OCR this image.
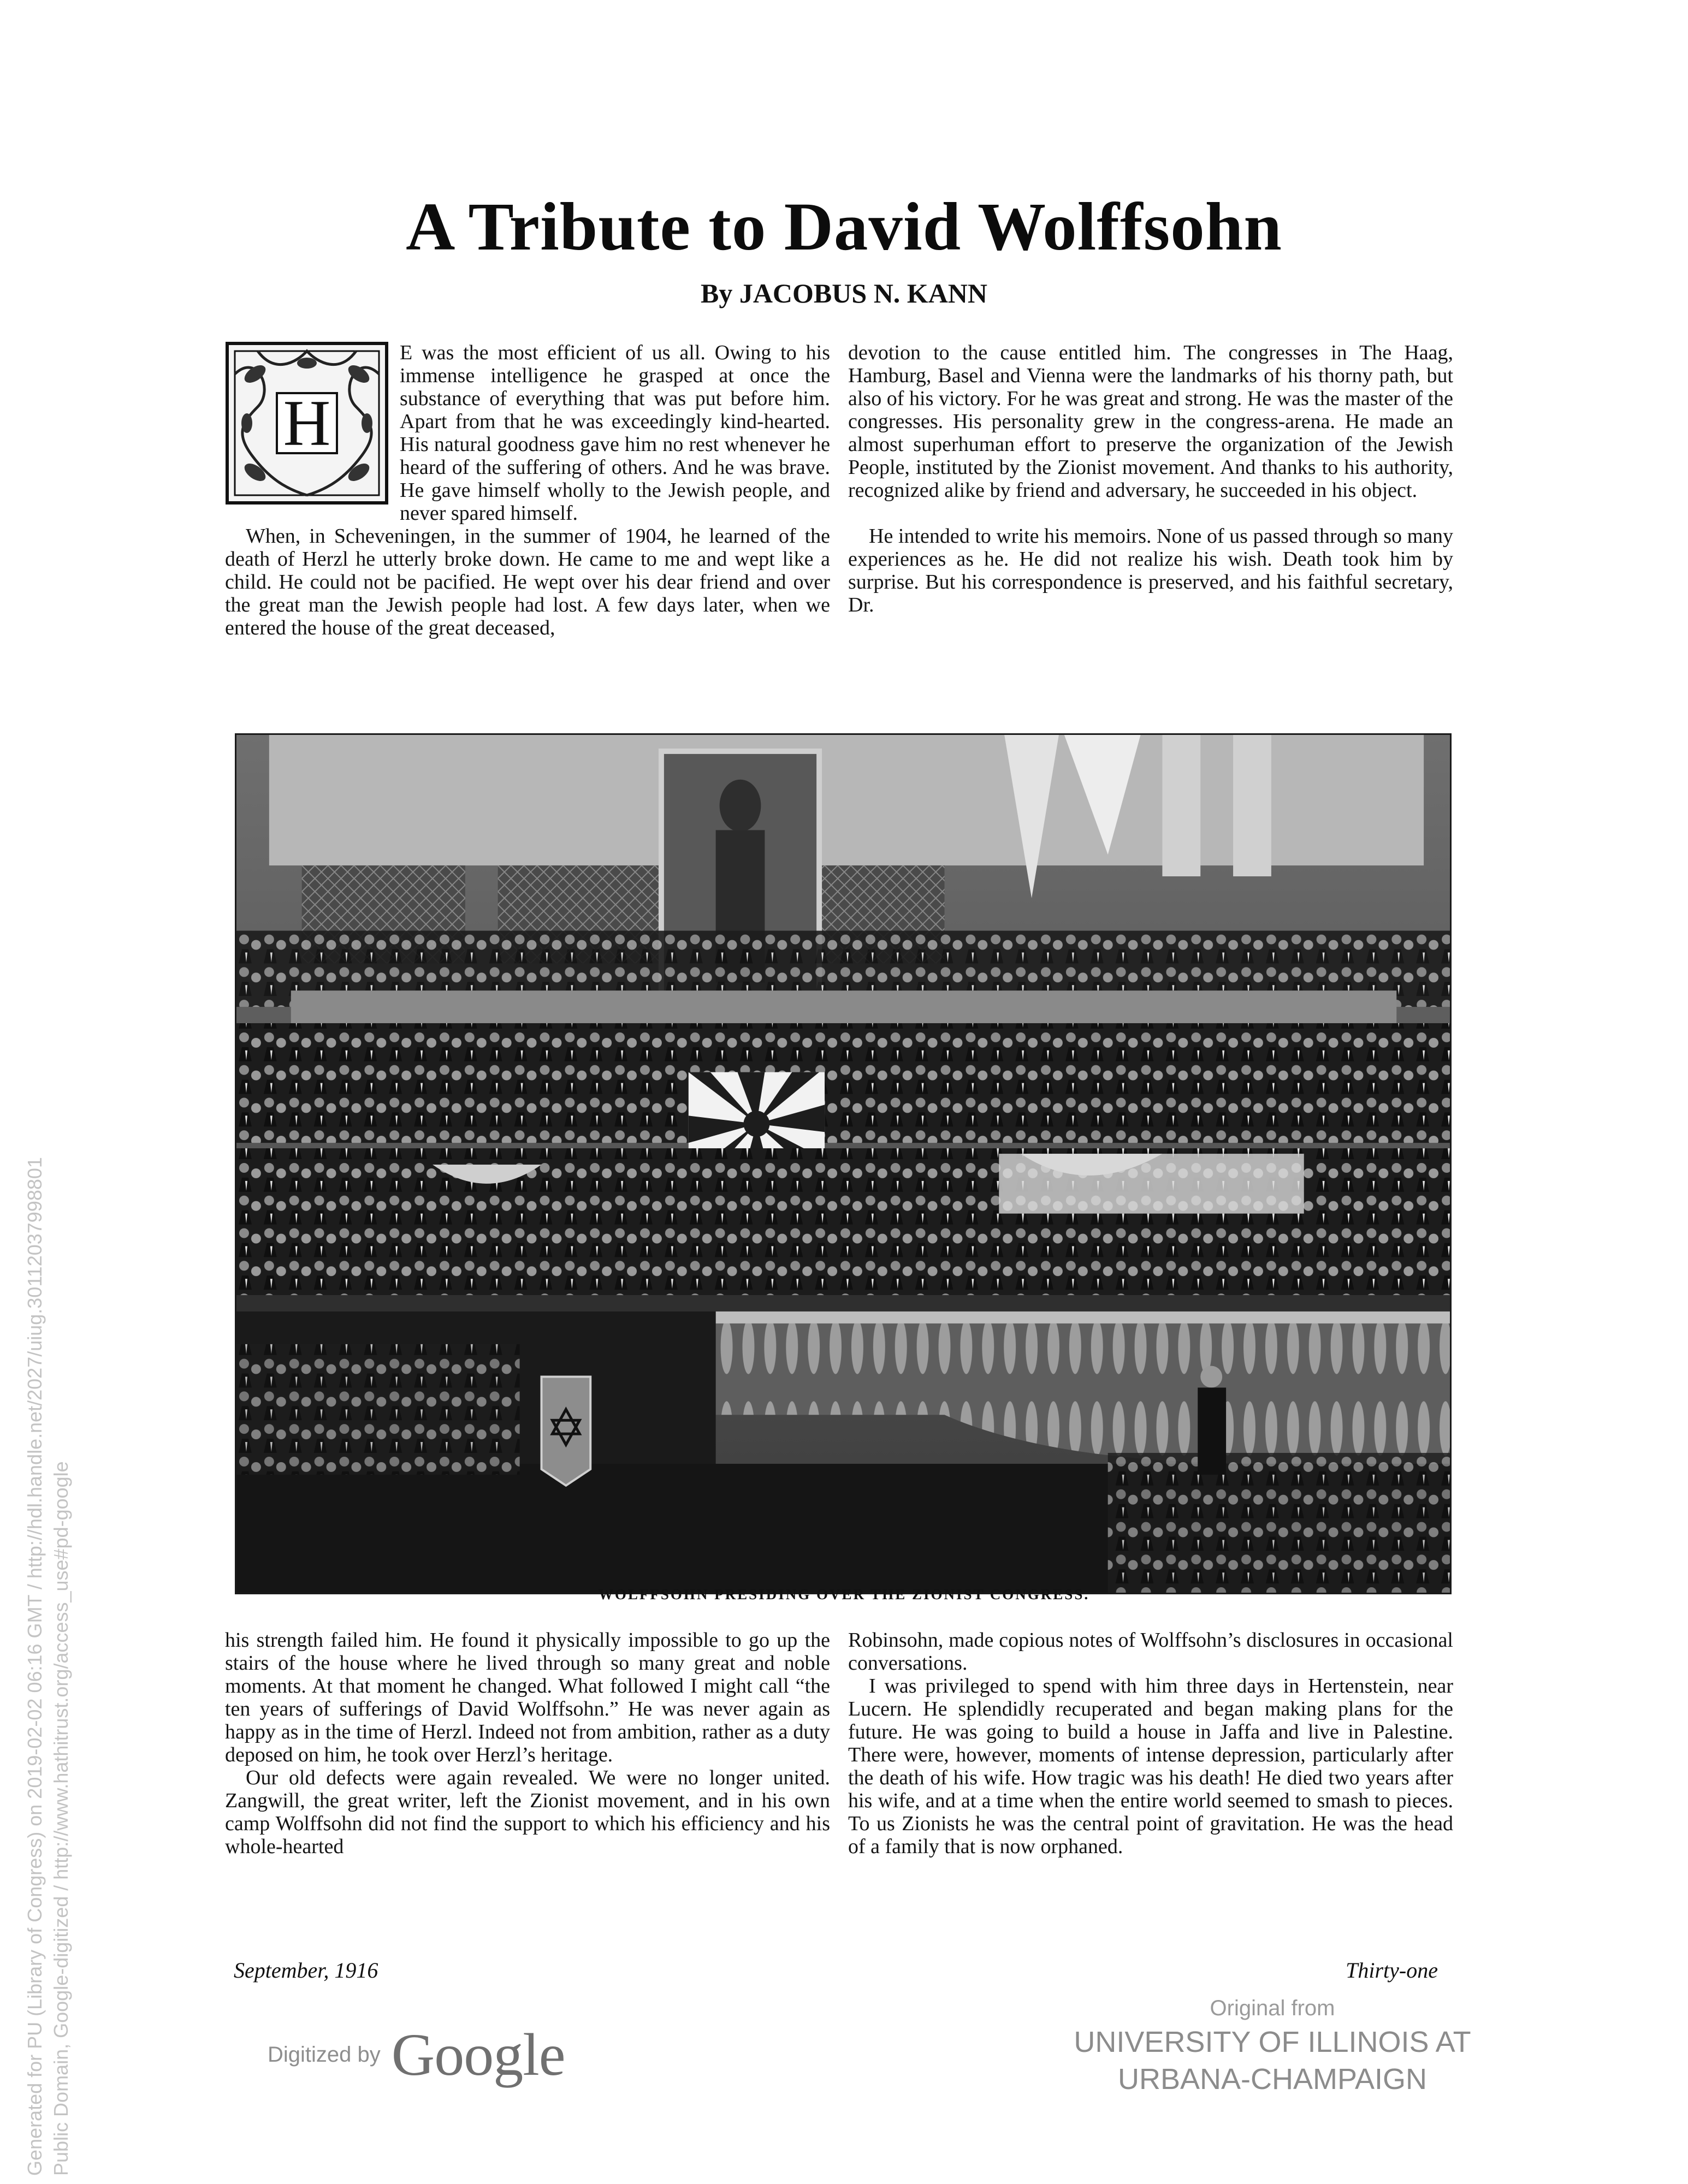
Generated for PU (Library of Congress) on 2019-02-02 06:16 GMT / http://hdl.handle.net/2027/uiug.30112037998801 Public Domain, Google-digitized / http://www.hathitrust.org/access_use#pd-google
A Tribute to David Wolffsohn
By JACOBUS N. KANN
H

E was the most efficient of us all. Owing to his immense intelligence he grasped at once the substance of everything that was put before him. Apart from that he was exceedingly kind-hearted. His natural goodness gave him no rest whenever he heard of the suffering of others. And he was brave. He gave himself wholly to the Jewish people, and never spared himself.

When, in Scheveningen, in the summer of 1904, he learned of the death of Herzl he utterly broke down. He came to me and wept like a child. He could not be pacified. He wept over his dear friend and over the great man the Jewish people had lost. A few days later, when we entered the house of the great deceased,

devotion to the cause entitled him. The congresses in The Haag, Hamburg, Basel and Vienna were the landmarks of his thorny path, but also of his victory. For he was great and strong. He was the master of the congresses. His personality grew in the congress-arena. He made an almost superhuman effort to preserve the organization of the Jewish People, instituted by the Zionist movement. And thanks to his authority, recognized alike by friend and adversary, he succeeded in his object.

He intended to write his memoirs. None of us passed through so many experiences as he. He did not realize his wish. Death took him by surprise. But his correspondence is preserved, and his faithful secretary, Dr.

WOLFFSOHN PRESIDING OVER THE ZIONIST CONGRESS.

his strength failed him. He found it physically impossible to go up the stairs of the house where he lived through so many great and noble moments. At that moment he changed. What followed I might call “the ten years of sufferings of David Wolffsohn.” He was never again as happy as in the time of Herzl. Indeed not from ambition, rather as a duty deposed on him, he took over Herzl’s heritage.

Our old defects were again revealed. We were no longer united. Zangwill, the great writer, left the Zionist movement, and in his own camp Wolffsohn did not find the support to which his efficiency and his whole-hearted

Robinsohn, made copious notes of Wolffsohn’s disclosures in occasional conversations.

I was privileged to spend with him three days in Hertenstein, near Lucern. He splendidly recuperated and began making plans for the future. He was going to build a house in Jaffa and live in Palestine. There were, however, moments of intense depression, particularly after the death of his wife. How tragic was his death! He died two years after his wife, and at a time when the entire world seemed to smash to pieces. To us Zionists he was the central point of gravitation. He was the head of a family that is now orphaned.

September, 1916	Thirty-one
Digitized by Google
Original from
UNIVERSITY OF ILLINOIS AT
URBANA-CHAMPAIGN
